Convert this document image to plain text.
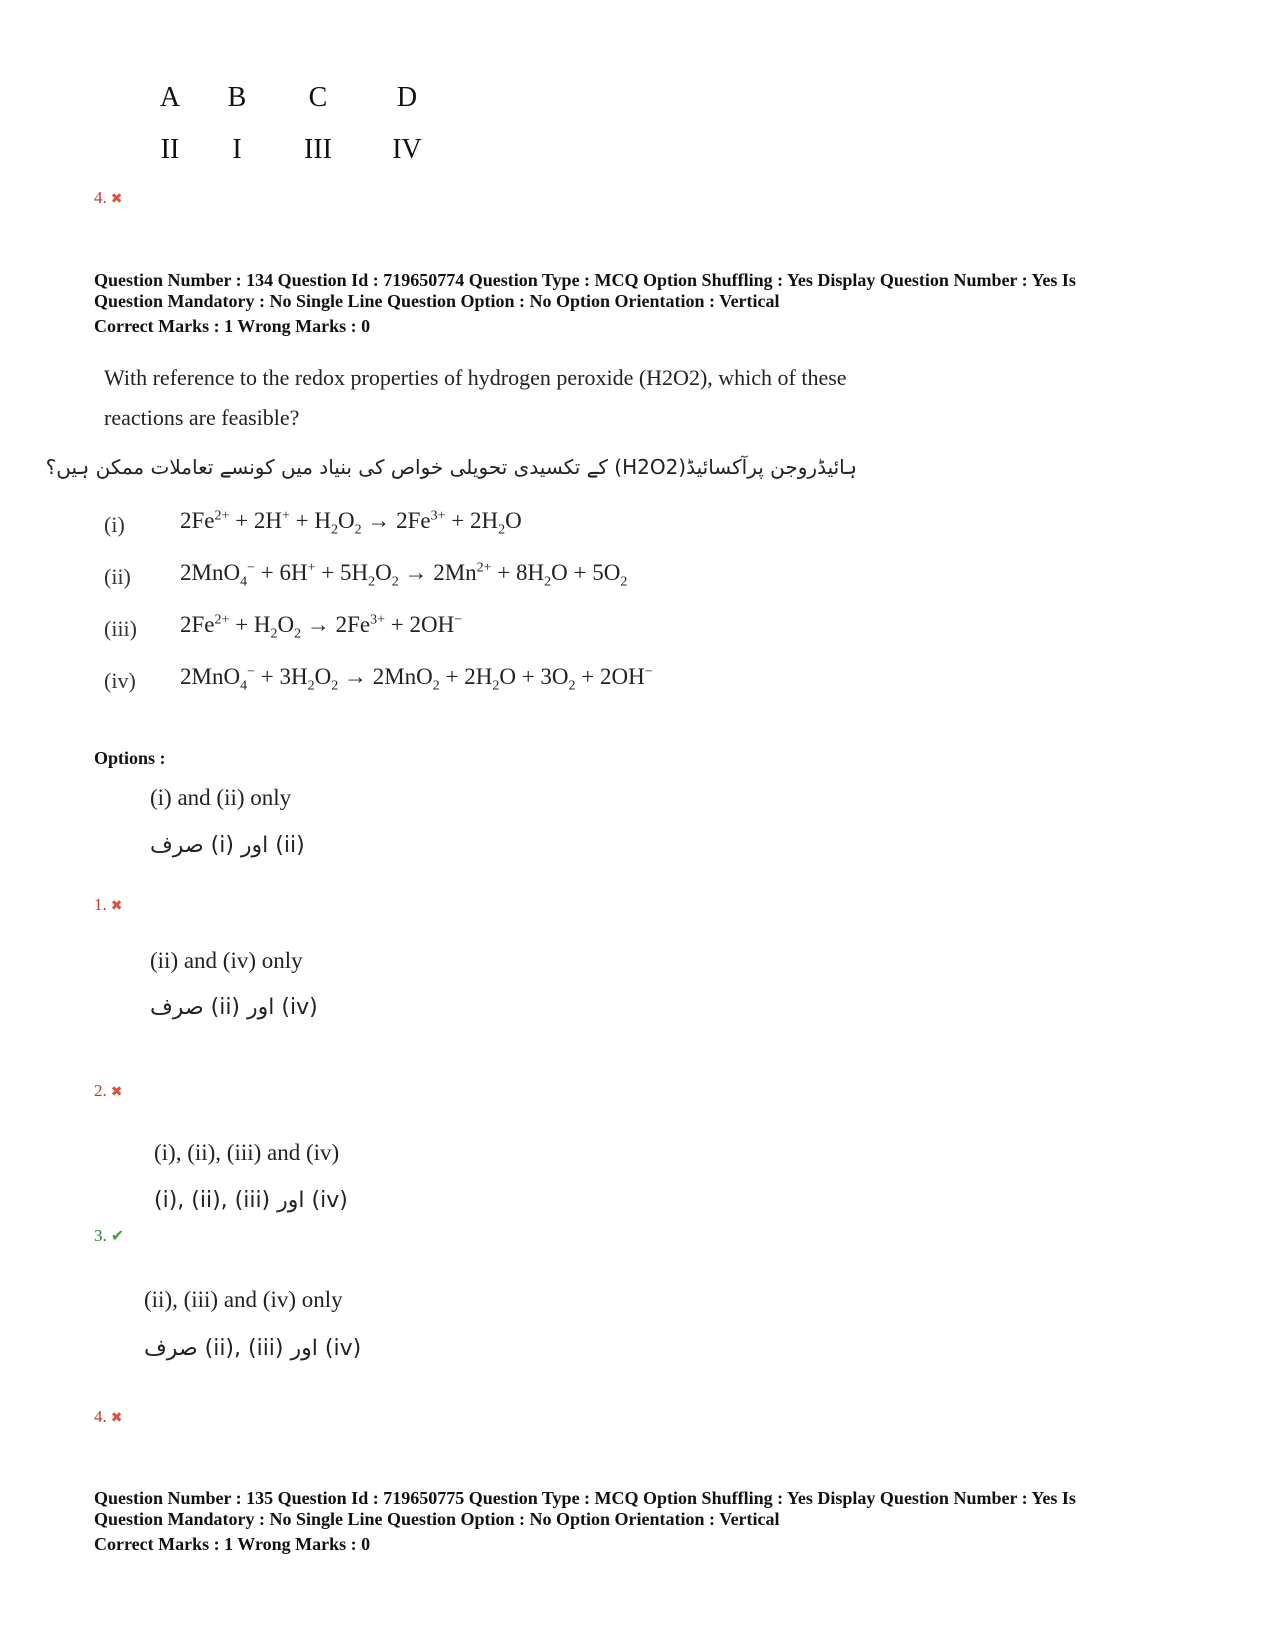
A	B	C	D
II	I	III	IV
4. ✖

Question Number : 134 Question Id : 719650774 Question Type : MCQ Option Shuffling : Yes Display Question Number : Yes Is

Question Mandatory : No Single Line Question Option : No Option Orientation : Vertical

Correct Marks : 1 Wrong Marks : 0

With reference to the redox properties of hydrogen peroxide (H2O2), which of these
reactions are feasible?
ہائیڈروجن پرآکسائیڈ(H2O2) کے تکسیدی تحویلی خواص کی بنیاد میں کونسے تعاملات ممکن ہیں؟
(i) $2Fe^{2+} + 2H^+ + H_2O_2 \to 2Fe^{3+} + 2H_2O$
(ii) $2MnO_4^- + 6H^+ + 5H_2O_2 \to 2Mn^{2+} + 8H_2O + 5O_2$
(iii) $2Fe^{2+} + H_2O_2 \to 2Fe^{3+} + 2OH^-$
(iv) $2MnO_4^- + 3H_2O_2 \to 2MnO_2 + 2H_2O + 3O_2 + 2OH^-$
Options :
(i) and (ii) only
صرف (i) اور (ii)
1. ✖
(ii) and (iv) only
صرف (ii) اور (iv)
2. ✖
(i), (ii), (iii) and (iv)
(i), (ii), (iii) اور (iv)
3. ✔
(ii), (iii) and (iv) only
صرف (ii), (iii) اور (iv)
4. ✖

Question Number : 135 Question Id : 719650775 Question Type : MCQ Option Shuffling : Yes Display Question Number : Yes Is

Question Mandatory : No Single Line Question Option : No Option Orientation : Vertical

Correct Marks : 1 Wrong Marks : 0
